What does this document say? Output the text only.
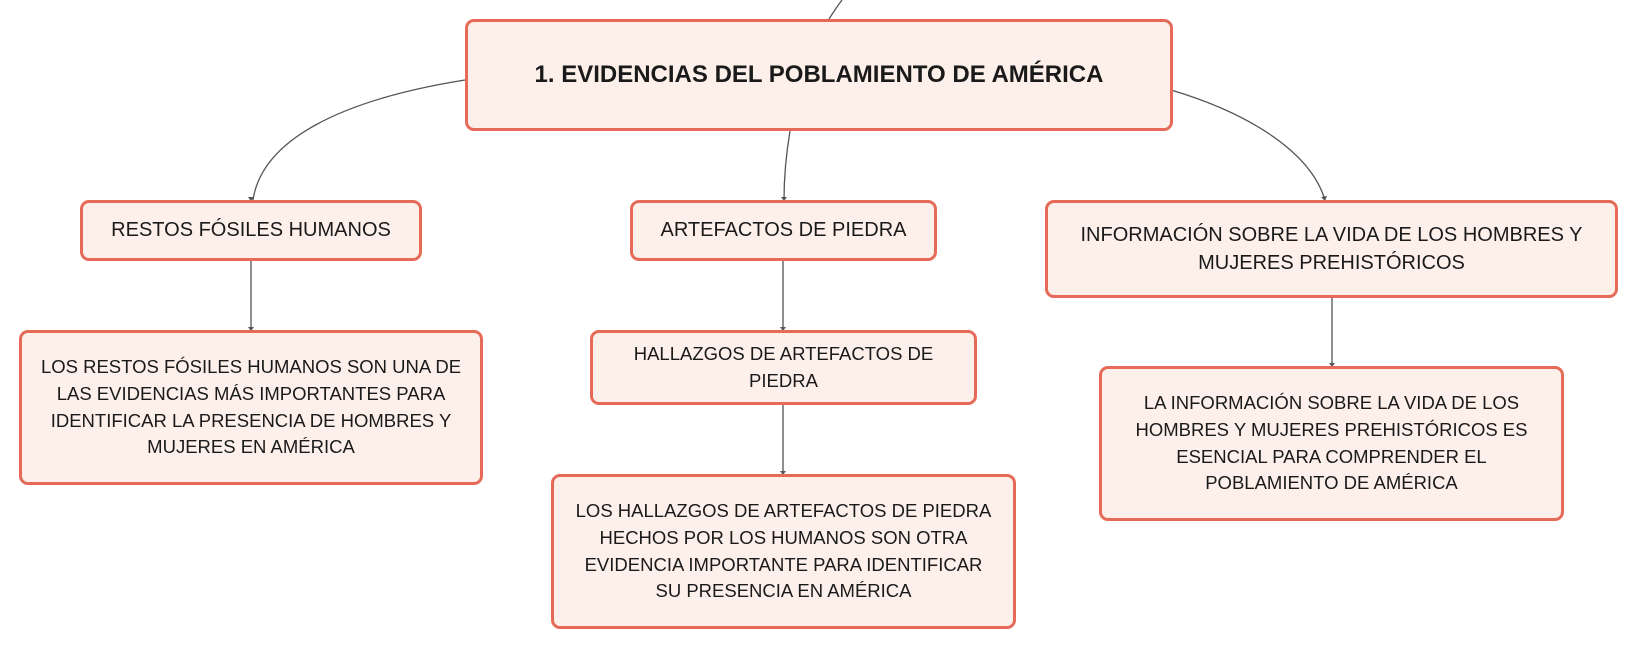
1. EVIDENCIAS DEL POBLAMIENTO DE AMÉRICA
RESTOS FÓSILES HUMANOS	ARTEFACTOS DE PIEDRA	INFORMACIÓN SOBRE LA VIDA DE LOS HOMBRES Y MUJERES PREHISTÓRICOS
LOS RESTOS FÓSILES HUMANOS SON UNA DE LAS EVIDENCIAS MÁS IMPORTANTES PARA IDENTIFICAR LA PRESENCIA DE HOMBRES Y MUJERES EN AMÉRICA
HALLAZGOS DE ARTEFACTOS DE PIEDRA
LOS HALLAZGOS DE ARTEFACTOS DE PIEDRA HECHOS POR LOS HUMANOS SON OTRA EVIDENCIA IMPORTANTE PARA IDENTIFICAR SU PRESENCIA EN AMÉRICA
LA INFORMACIÓN SOBRE LA VIDA DE LOS HOMBRES Y MUJERES PREHISTÓRICOS ES ESENCIAL PARA COMPRENDER EL POBLAMIENTO DE AMÉRICA
